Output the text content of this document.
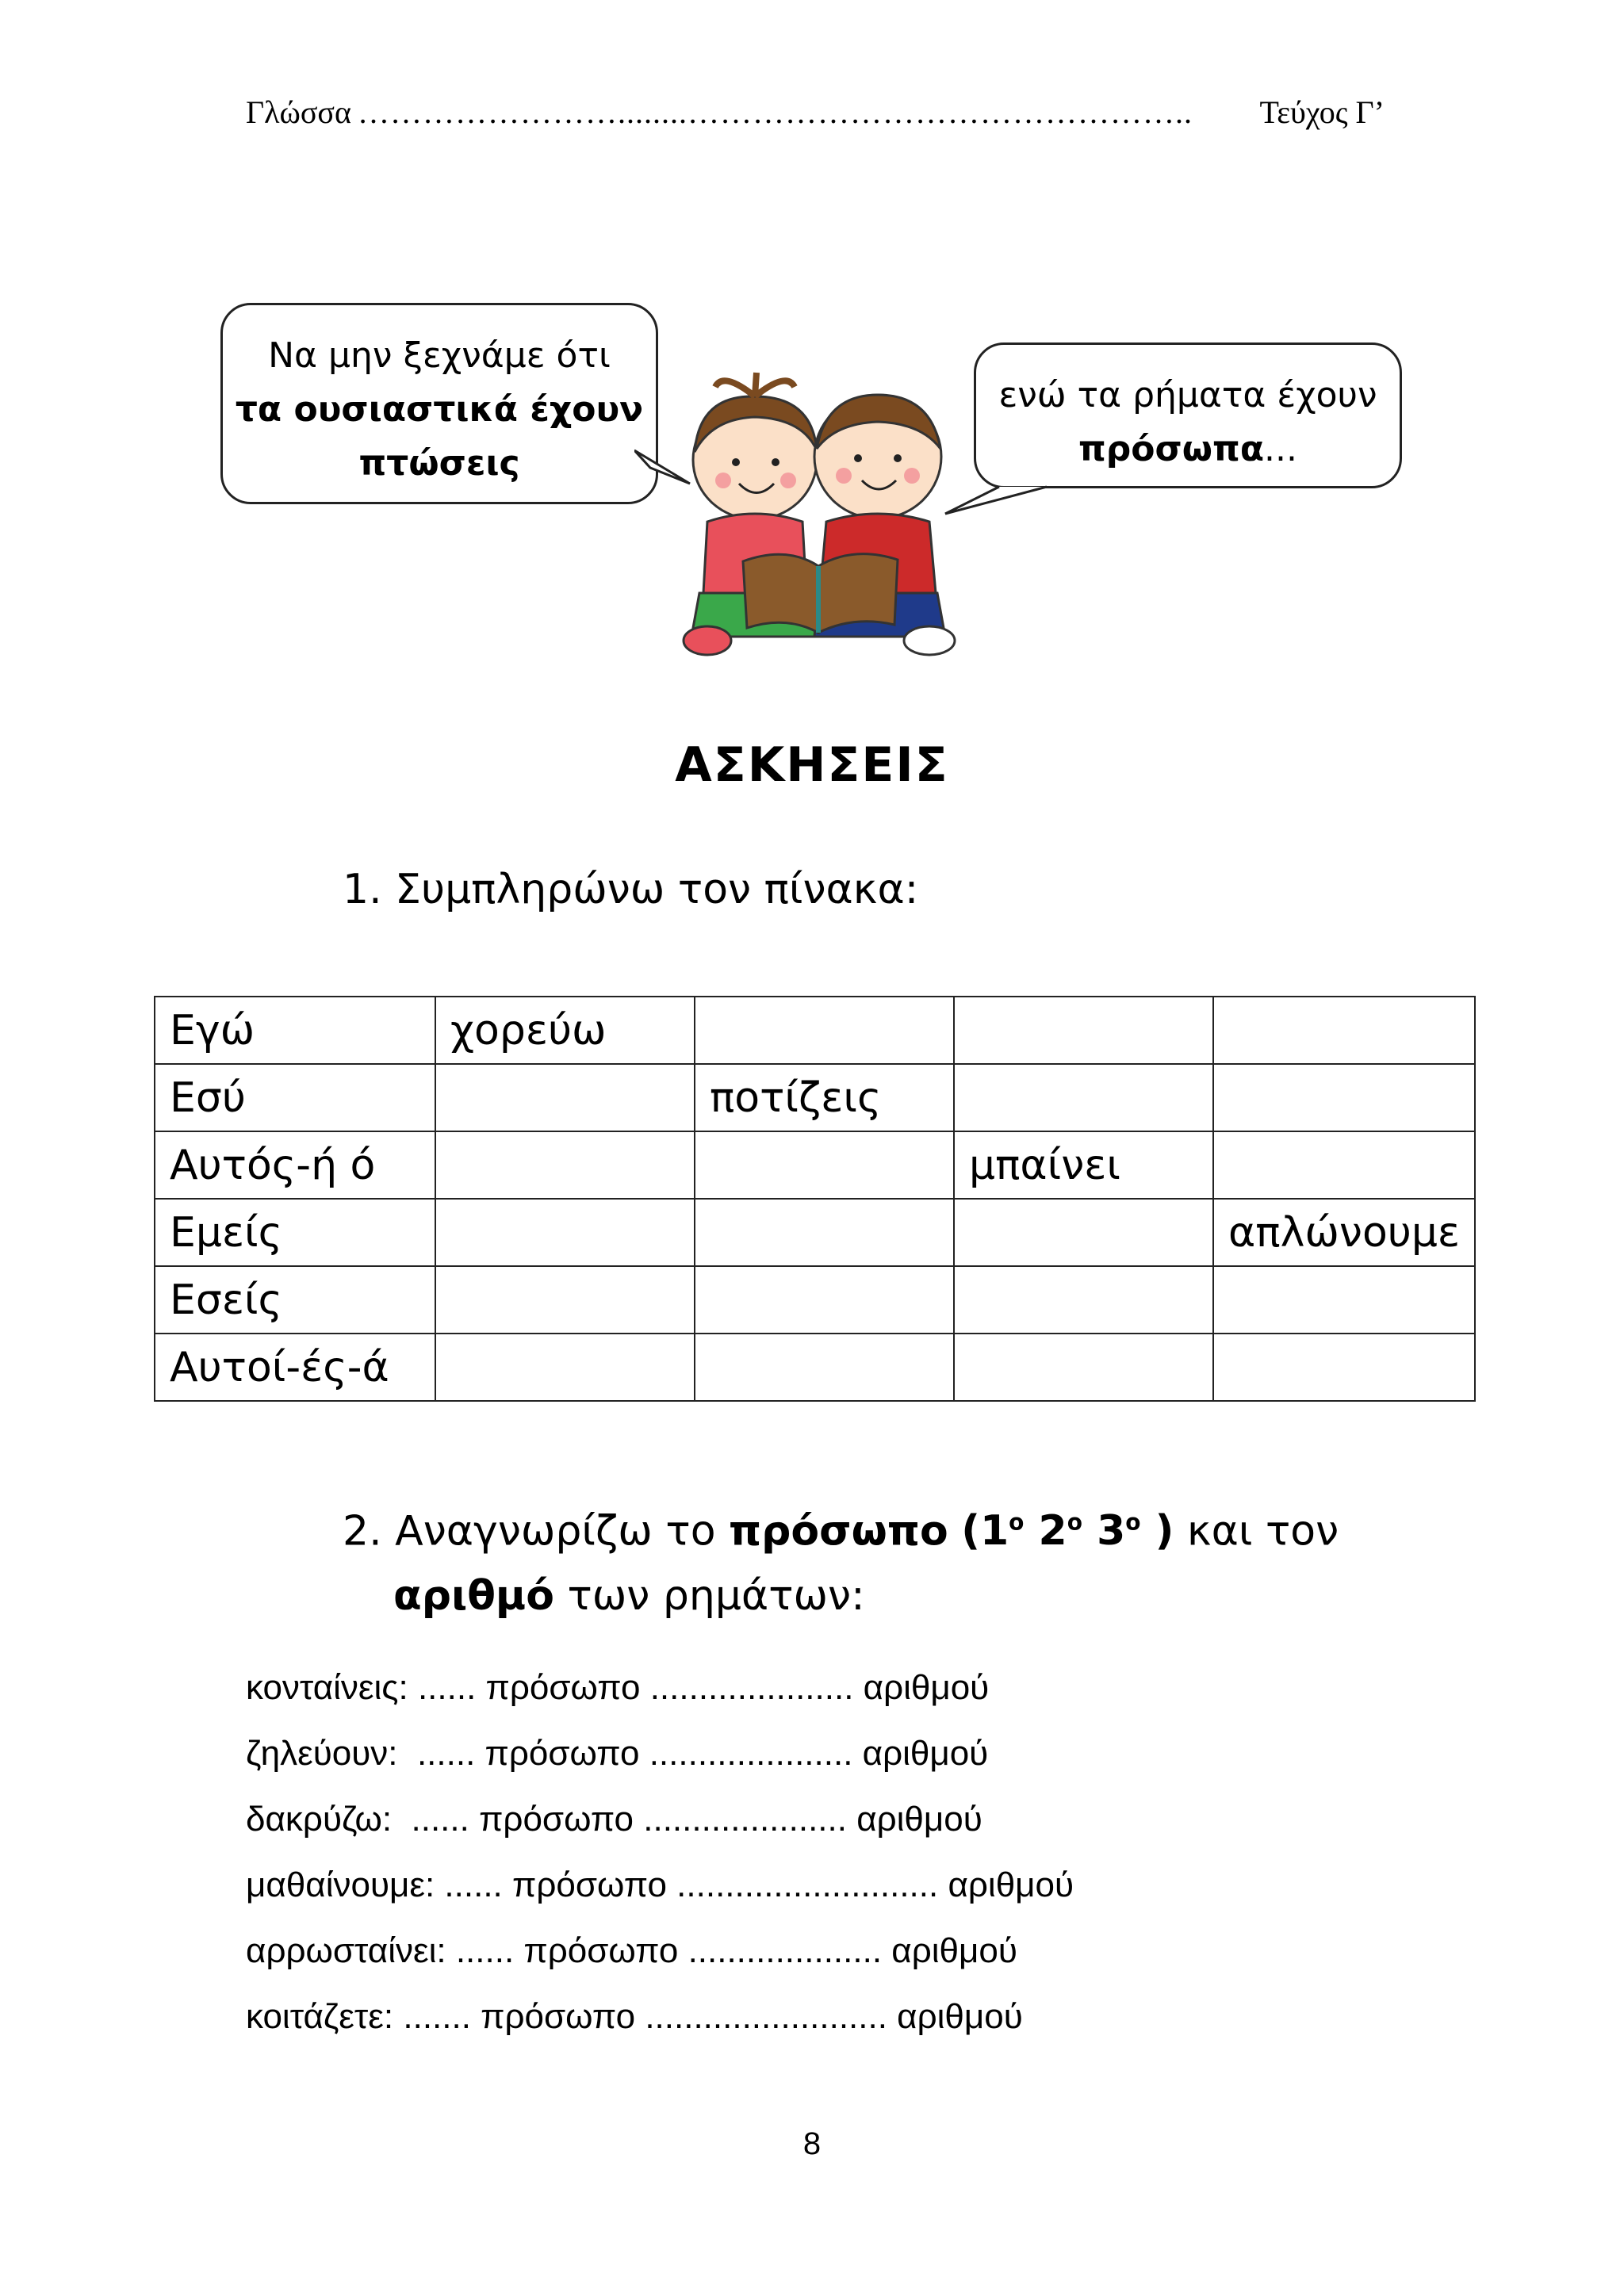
Γλώσσα ……………………........………………………………………..	Τεύχος Γ’
Να μην ξεχνάμε ότι
τα ουσιαστικά έχουν
πτώσεις
ενώ τα ρήματα έχουν
πρόσωπα...
ΑΣΚΗΣΕΙΣ
1. Συμπληρώνω τον πίνακα:
Εγώ	χορεύω			
Εσύ		ποτίζεις		
Αυτός-ή ό			μπαίνει	
Εμείς				απλώνουμε
Εσείς				
Αυτοί-ές-ά				
2. Αναγνωρίζω το πρόσωπο ($1^o$ $2^o$ $3^o$ ) και τον
αριθμό των ρημάτων:
κονταίνεις: ...... πρόσωπο ..................... αριθμού
ζηλεύουν:  ...... πρόσωπο ..................... αριθμού
δακρύζω:  ...... πρόσωπο ..................... αριθμού
μαθαίνουμε: ...... πρόσωπο ........................... αριθμού
αρρωσταίνει: ...... πρόσωπο .................... αριθμού
κοιτάζετε: ....... πρόσωπο ......................... αριθμού
8
